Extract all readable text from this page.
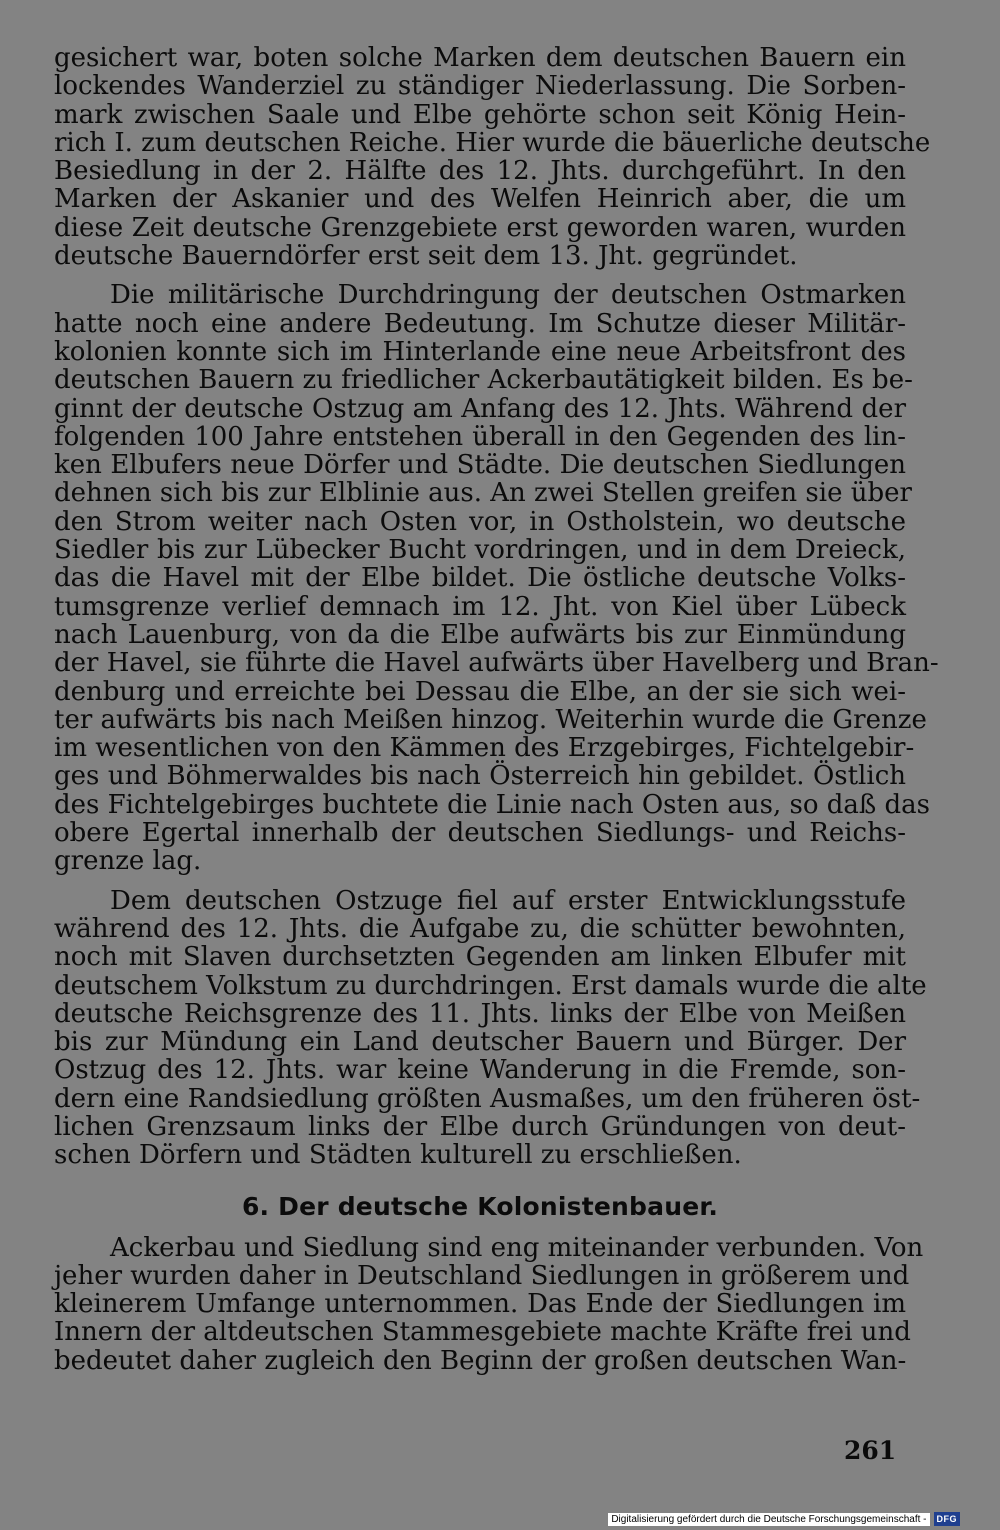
gesichert war, boten solche Marken dem deutschen Bauern ein
lockendes Wanderziel zu ständiger Niederlassung. Die Sorben-
mark zwischen Saale und Elbe gehörte schon seit König Hein-
rich I. zum deutschen Reiche. Hier wurde die bäuerliche deutsche
Besiedlung in der 2. Hälfte des 12. Jhts. durchgeführt. In den
Marken der Askanier und des Welfen Heinrich aber, die um
diese Zeit deutsche Grenzgebiete erst geworden waren, wurden
deutsche Bauerndörfer erst seit dem 13. Jht. gegründet.
Die militärische Durchdringung der deutschen Ostmarken
hatte noch eine andere Bedeutung. Im Schutze dieser Militär-
kolonien konnte sich im Hinterlande eine neue Arbeitsfront des
deutschen Bauern zu friedlicher Ackerbautätigkeit bilden. Es be-
ginnt der deutsche Ostzug am Anfang des 12. Jhts. Während der
folgenden 100 Jahre entstehen überall in den Gegenden des lin-
ken Elbufers neue Dörfer und Städte. Die deutschen Siedlungen
dehnen sich bis zur Elblinie aus. An zwei Stellen greifen sie über
den Strom weiter nach Osten vor, in Ostholstein, wo deutsche
Siedler bis zur Lübecker Bucht vordringen, und in dem Dreieck,
das die Havel mit der Elbe bildet. Die östliche deutsche Volks-
tumsgrenze verlief demnach im 12. Jht. von Kiel über Lübeck
nach Lauenburg, von da die Elbe aufwärts bis zur Einmündung
der Havel, sie führte die Havel aufwärts über Havelberg und Bran-
denburg und erreichte bei Dessau die Elbe, an der sie sich wei-
ter aufwärts bis nach Meißen hinzog. Weiterhin wurde die Grenze
im wesentlichen von den Kämmen des Erzgebirges, Fichtelgebir-
ges und Böhmerwaldes bis nach Österreich hin gebildet. Östlich
des Fichtelgebirges buchtete die Linie nach Osten aus, so daß das
obere Egertal innerhalb der deutschen Siedlungs- und Reichs-
grenze lag.
Dem deutschen Ostzuge fiel auf erster Entwicklungsstufe
während des 12. Jhts. die Aufgabe zu, die schütter bewohnten,
noch mit Slaven durchsetzten Gegenden am linken Elbufer mit
deutschem Volkstum zu durchdringen. Erst damals wurde die alte
deutsche Reichsgrenze des 11. Jhts. links der Elbe von Meißen
bis zur Mündung ein Land deutscher Bauern und Bürger. Der
Ostzug des 12. Jhts. war keine Wanderung in die Fremde, son-
dern eine Randsiedlung größten Ausmaßes, um den früheren öst-
lichen Grenzsaum links der Elbe durch Gründungen von deut-
schen Dörfern und Städten kulturell zu erschließen.
6. Der deutsche Kolonistenbauer.
Ackerbau und Siedlung sind eng miteinander verbunden. Von
jeher wurden daher in Deutschland Siedlungen in größerem und
kleinerem Umfange unternommen. Das Ende der Siedlungen im
Innern der altdeutschen Stammesgebiete machte Kräfte frei und
bedeutet daher zugleich den Beginn der großen deutschen Wan-
261
Digitalisierung gefördert durch die Deutsche Forschungsgemeinschaft -	DFG
